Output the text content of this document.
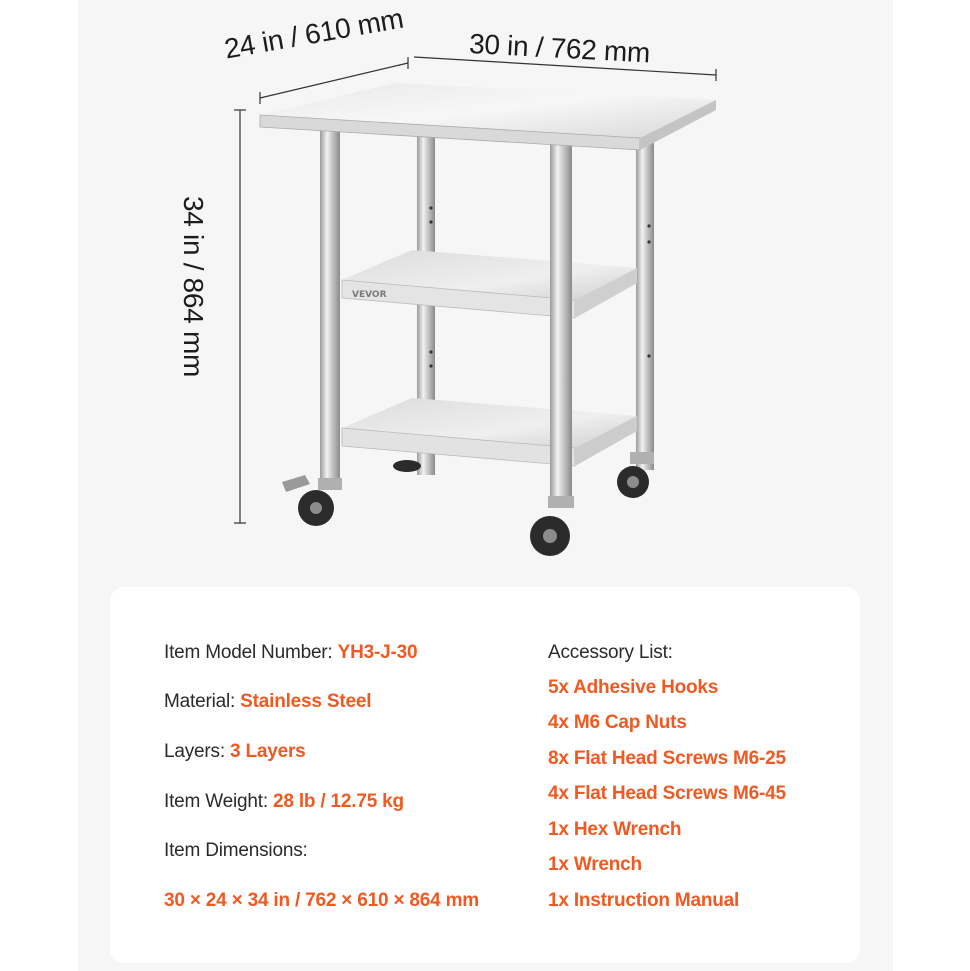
VEVOR
24 in / 610 mm 30 in / 762 mm
34 in / 864 mm
Item Model Number: YH3-J-30
Material: Stainless Steel
Layers: 3 Layers
Item Weight: 28 lb / 12.75 kg
Item Dimensions:
30 × 24 × 34 in / 762 × 610 × 864 mm
Accessory List:
5x Adhesive Hooks
4x M6 Cap Nuts
8x Flat Head Screws M6-25
4x Flat Head Screws M6-45
1x Hex Wrench
1x Wrench
1x Instruction Manual
